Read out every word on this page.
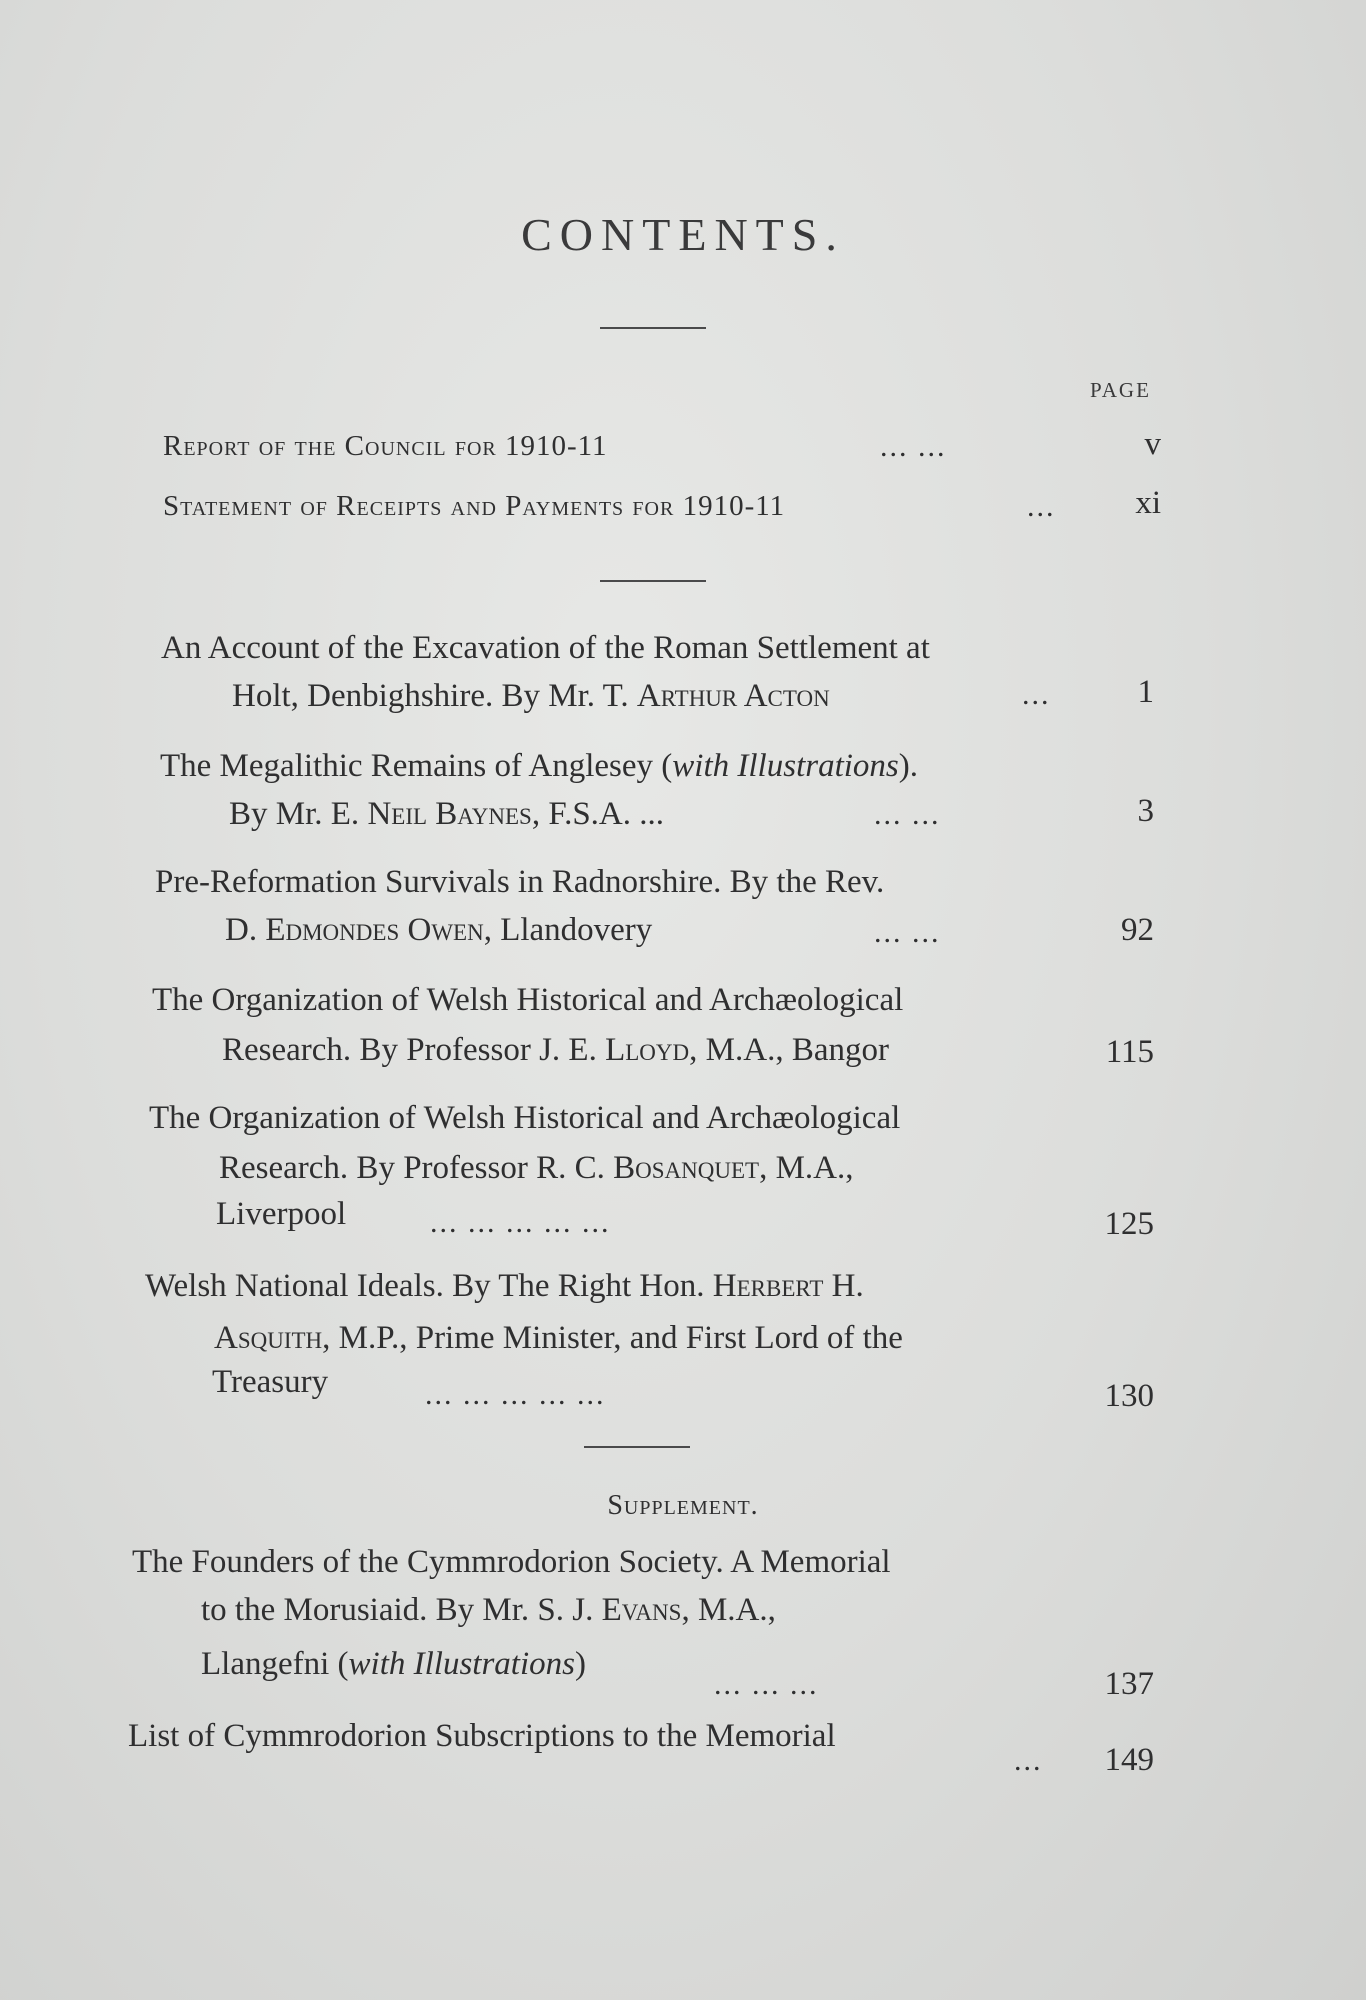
CONTENTS.
PAGE
Report of the Council for 1910-11	... ...	v
Statement of Receipts and Payments for 1910-11	... xi
An Account of the Excavation of the Roman Settlement at
Holt, Denbighshire. By Mr. T. Arthur Acton	...	1
The Megalithic Remains of Anglesey (with Illustrations).
By Mr. E. Neil Baynes, F.S.A. ...	... ...	3
Pre-Reformation Survivals in Radnorshire. By the Rev.
D. Edmondes Owen, Llandovery	... ...	92
The Organization of Welsh Historical and Archæological
Research. By Professor J. E. Lloyd, M.A., Bangor	115
The Organization of Welsh Historical and Archæological
Research. By Professor R. C. Bosanquet, M.A.,
Liverpool	... ... ... ... ...	125
Welsh National Ideals. By The Right Hon. Herbert H.
Asquith, M.P., Prime Minister, and First Lord of the
Treasury	... ... ... ... ...	130
Supplement.
The Founders of the Cymmrodorion Society. A Memorial
to the Morusiaid. By Mr. S. J. Evans, M.A.,
Llangefni (with Illustrations)
... ... ...	137
List of Cymmrodorion Subscriptions to the Memorial
... 149
